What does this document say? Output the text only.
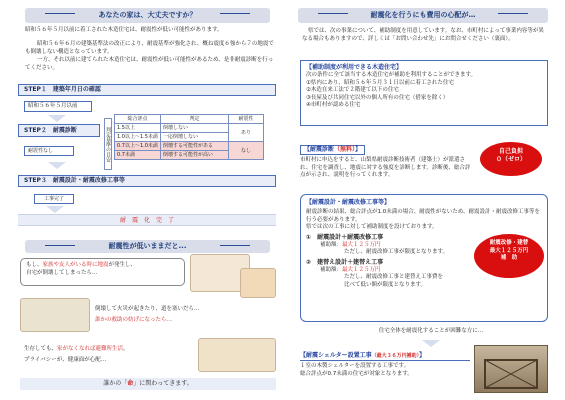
あなたの家は、大丈夫ですか？
昭和５６年５月以前に着工された木造住宅は、耐震性が低い可能性があります。
昭和５６年６月の建築基準法の改正により、耐震基準が強化され、概ね震度６強から７の地震でも倒壊しない構造となっています。
一方、それ以前に建てられた木造住宅は、耐震性が低い可能性があるため、是非耐震診断を行ってください。
STEP１　建築年月日の確認
昭和５６年５月以前
STEP２　耐震診断
耐震性なし	判定基準の目安
総合評点	判定	耐震性
1.5以上	倒壊しない	あり
1.0以上〜1.5未満	一応倒壊しない	
0.7以上〜1.0未満	倒壊する可能性がある	なし
0.7未満	倒壊する可能性が高い	
STEP３　耐震設計・耐震改修工事等
工事完了
耐　震　化　完　了
耐震性が低いままだと...
もし、家族や友人がいる時に地震が発生し、
自宅が倒壊してしまったら…
倒壊して火災が起きたり、道を塞いだら…
誰かの救助の妨げになったら…
生存しても、家がなくなれば避難所生活。
プライバシーが、健康面が心配…
誰かの「命」に関わってきます。
耐震化を行うにも費用の心配が…
県では、次の事業について、補助制度を用意しています。なお、市町村によって事業内容等が異なる場合もありますので、詳しくは「お問い合わせ先」にお問合せください（裏面）。
【補助制度が利用できる木造住宅】
次の条件に全て該当する木造住宅が補助を利用することができます。
①県内にあり、昭和５６年５月３１日以前に着工された住宅
②木造在来工法で２階建て以下の住宅
③長屋及び共同住宅以外の個人所有の住宅（借家を除く）
④市町村が認める住宅
【耐震診断（無料）】
市町村に申込をすると、山梨県耐震診断技術者（建築士）が派遣され、住宅を調査し、地震に対する強度を診断します。診断後、総合評点が示され、説明を行ってくれます。
自己負担
０（ゼロ）
【耐震設計・耐震改修工事等】
耐震診断の結果、総合評点が1.0未満の場合、耐震性がないため、耐震設計・耐震改修工事等を行う必要があります。
県では次の工事に対して補助制度を設けております。
①　耐震設計＋耐震改修工事
補助額：最大１２５万円
ただし、耐震改修工事が限度となります。
②　建替え設計＋建替え工事
補助額：最大１２５万円
ただし、耐震改修工事と建替え工事費を
比べて低い額が限度となります。
耐震改修・建替
最大１２５万円
補　助
住宅全体を耐震化することが困難な方に…
【耐震シェルター設置工事（最大３６万円補助）】
１室の木製シェルターを設置する工事です。
総合評点が0.7未満の住宅が対象となります。
